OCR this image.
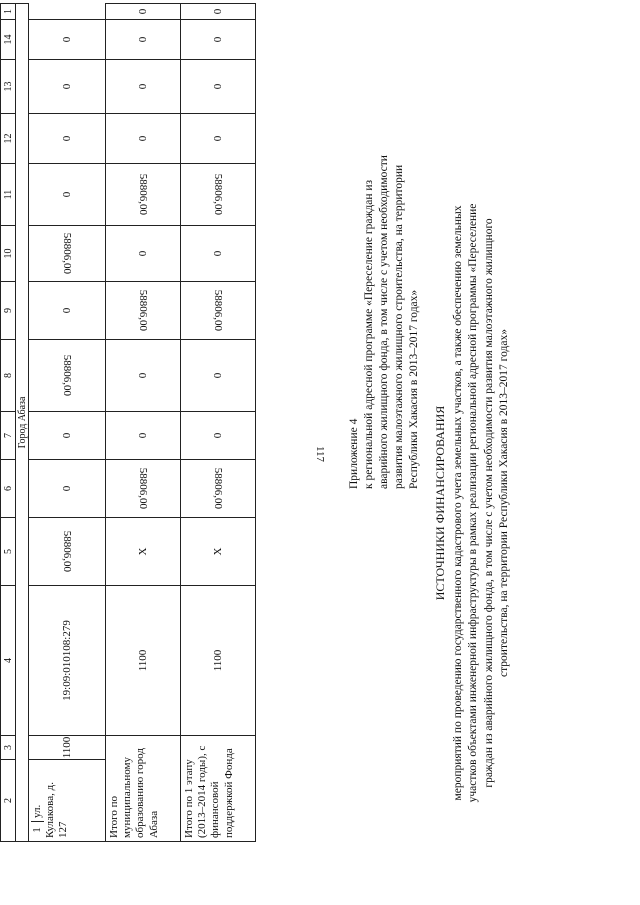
117
2	3	4	5	6	7	8	9	10	11	12	13	14	1
Город Абаза													
1ул. Кулакова, д. 127	1100	19:09:010108:279	58806,00	0	0	58806,00	0	58806,00	0	0	0	0	
Итого по муниципальному образованию город Абаза		1100	X	58806,00	0	0	58806,00	0	58806,00	0	0	0	0
Итого по 1 этапу (2013–2014 годы), с финансовой поддержкой Фонда		1100	X	58806,00	0	0	58806,00	0	58806,00	0	0	0	0
Приложение 4 к региональной адресной программе «Переселение граждан из аварийного жилищного фонда, в том числе с учетом необходимости развития малоэтажного жилищного строительства, на территории Республики Хакасия в 2013–2017 годах»
ИСТОЧНИКИ ФИНАНСИРОВАНИЯ мероприятий по проведению государственного кадастрового учета земельных участков, а также обеспечению земельных участков объектами инженерной инфраструктуры в рамках реализации региональной адресной программы «Переселение граждан из аварийного жилищного фонда, в том числе с учетом необходимости развития малоэтажного жилищного строительства, на территории Республики Хакасия в 2013–2017 годах»
